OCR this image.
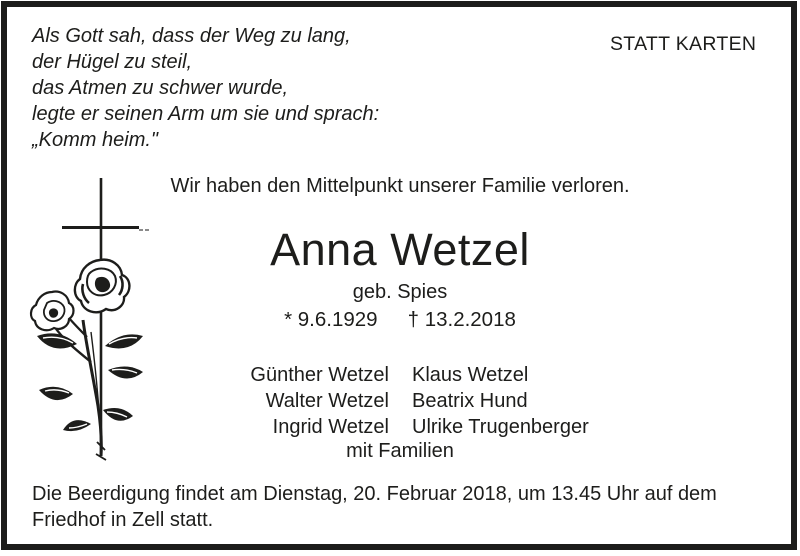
Als Gott sah, dass der Weg zu lang,
der Hügel zu steil,
das Atmen zu schwer wurde,
legte er seinen Arm um sie und sprach:
„Komm heim."
STATT KARTEN
Wir haben den Mittelpunkt unserer Familie verloren.
Anna Wetzel
geb. Spies
* 9.6.1929 † 13.2.2018
Günther Wetzel Klaus Wetzel
Walter Wetzel Beatrix Hund
Ingrid Wetzel Ulrike Trugenberger
mit Familien
Die Beerdigung findet am Dienstag, 20. Februar 2018, um 13.45 Uhr auf dem
Friedhof in Zell statt.
